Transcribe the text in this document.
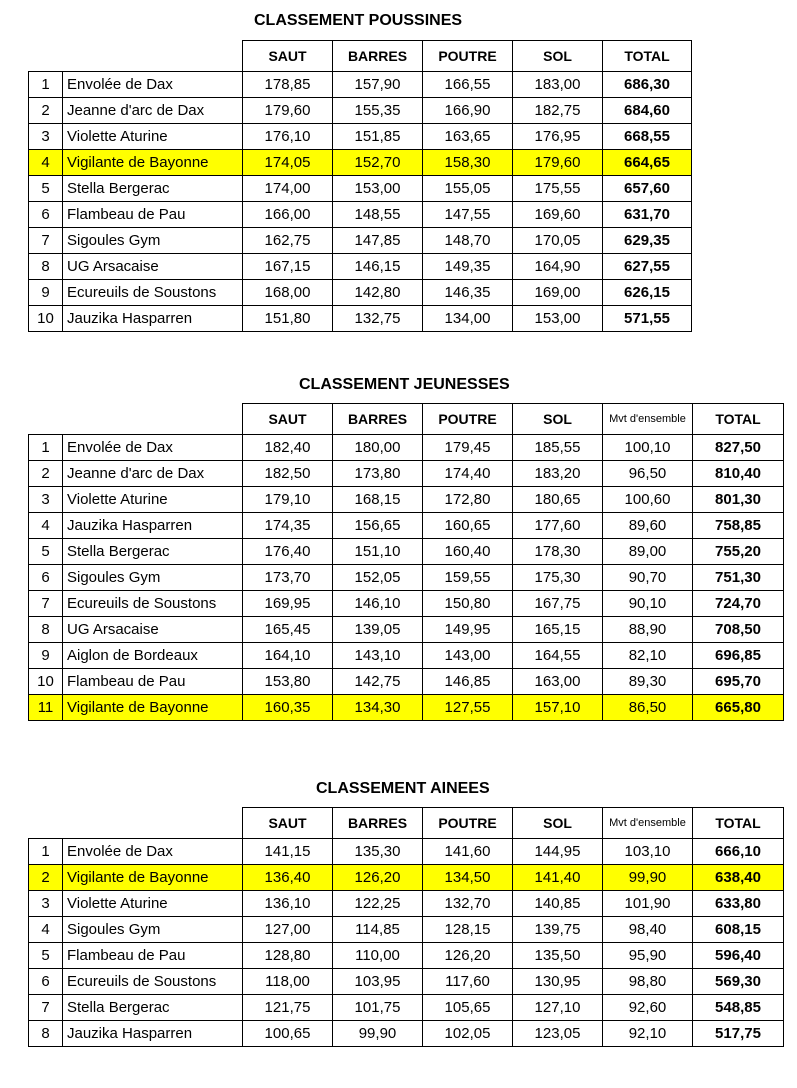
CLASSEMENT POUSSINES
		SAUT	BARRES	POUTRE	SOL	TOTAL
1	Envolée de Dax	178,85	157,90	166,55	183,00	686,30
2	Jeanne d'arc de Dax	179,60	155,35	166,90	182,75	684,60
3	Violette Aturine	176,10	151,85	163,65	176,95	668,55
4	Vigilante de Bayonne	174,05	152,70	158,30	179,60	664,65
5	Stella Bergerac	174,00	153,00	155,05	175,55	657,60
6	Flambeau de Pau	166,00	148,55	147,55	169,60	631,70
7	Sigoules Gym	162,75	147,85	148,70	170,05	629,35
8	UG Arsacaise	167,15	146,15	149,35	164,90	627,55
9	Ecureuils de Soustons	168,00	142,80	146,35	169,00	626,15
10	Jauzika Hasparren	151,80	132,75	134,00	153,00	571,55
CLASSEMENT JEUNESSES
		SAUT	BARRES	POUTRE	SOL	Mvt d'ensemble	TOTAL
1	Envolée de Dax	182,40	180,00	179,45	185,55	100,10	827,50
2	Jeanne d'arc de Dax	182,50	173,80	174,40	183,20	96,50	810,40
3	Violette Aturine	179,10	168,15	172,80	180,65	100,60	801,30
4	Jauzika Hasparren	174,35	156,65	160,65	177,60	89,60	758,85
5	Stella Bergerac	176,40	151,10	160,40	178,30	89,00	755,20
6	Sigoules Gym	173,70	152,05	159,55	175,30	90,70	751,30
7	Ecureuils de Soustons	169,95	146,10	150,80	167,75	90,10	724,70
8	UG Arsacaise	165,45	139,05	149,95	165,15	88,90	708,50
9	Aiglon de Bordeaux	164,10	143,10	143,00	164,55	82,10	696,85
10	Flambeau de Pau	153,80	142,75	146,85	163,00	89,30	695,70
11	Vigilante de Bayonne	160,35	134,30	127,55	157,10	86,50	665,80
CLASSEMENT AINEES
		SAUT	BARRES	POUTRE	SOL	Mvt d'ensemble	TOTAL
1	Envolée de Dax	141,15	135,30	141,60	144,95	103,10	666,10
2	Vigilante de Bayonne	136,40	126,20	134,50	141,40	99,90	638,40
3	Violette Aturine	136,10	122,25	132,70	140,85	101,90	633,80
4	Sigoules Gym	127,00	114,85	128,15	139,75	98,40	608,15
5	Flambeau de Pau	128,80	110,00	126,20	135,50	95,90	596,40
6	Ecureuils de Soustons	118,00	103,95	117,60	130,95	98,80	569,30
7	Stella Bergerac	121,75	101,75	105,65	127,10	92,60	548,85
8	Jauzika Hasparren	100,65	99,90	102,05	123,05	92,10	517,75
